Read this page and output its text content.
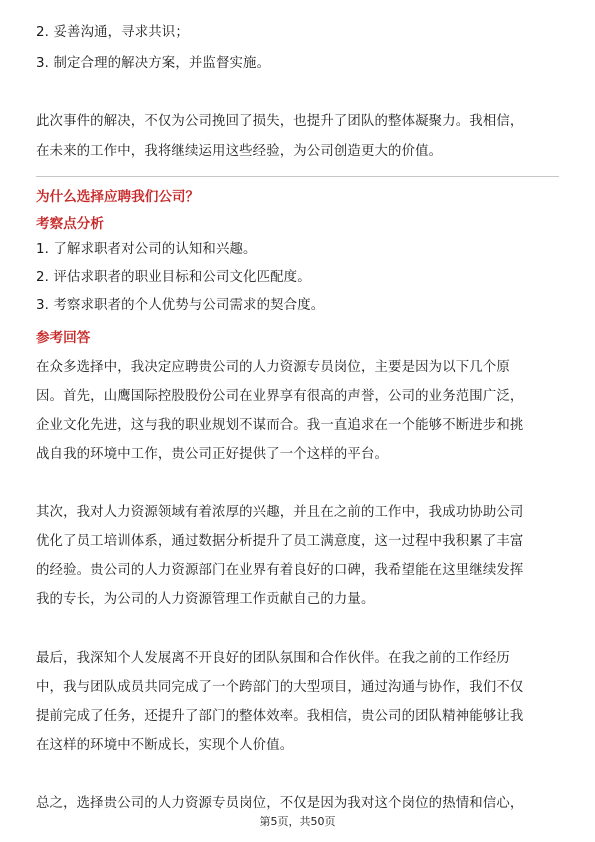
2. 妥善沟通，寻求共识；
3. 制定合理的解决方案，并监督实施。
此次事件的解决，不仅为公司挽回了损失，也提升了团队的整体凝聚力。我相信，
在未来的工作中，我将继续运用这些经验，为公司创造更大的价值。
为什么选择应聘我们公司？
考察点分析
1. 了解求职者对公司的认知和兴趣。
2. 评估求职者的职业目标和公司文化匹配度。
3. 考察求职者的个人优势与公司需求的契合度。
参考回答
在众多选择中，我决定应聘贵公司的人力资源专员岗位，主要是因为以下几个原
因。首先，山鹰国际控股股份公司在业界享有很高的声誉，公司的业务范围广泛，
企业文化先进，这与我的职业规划不谋而合。我一直追求在一个能够不断进步和挑
战自我的环境中工作，贵公司正好提供了一个这样的平台。
其次，我对人力资源领域有着浓厚的兴趣，并且在之前的工作中，我成功协助公司
优化了员工培训体系，通过数据分析提升了员工满意度，这一过程中我积累了丰富
的经验。贵公司的人力资源部门在业界有着良好的口碑，我希望能在这里继续发挥
我的专长，为公司的人力资源管理工作贡献自己的力量。
最后，我深知个人发展离不开良好的团队氛围和合作伙伴。在我之前的工作经历
中，我与团队成员共同完成了一个跨部门的大型项目，通过沟通与协作，我们不仅
提前完成了任务，还提升了部门的整体效率。我相信，贵公司的团队精神能够让我
在这样的环境中不断成长，实现个人价值。
总之，选择贵公司的人力资源专员岗位，不仅是因为我对这个岗位的热情和信心，
第5页，共50页
